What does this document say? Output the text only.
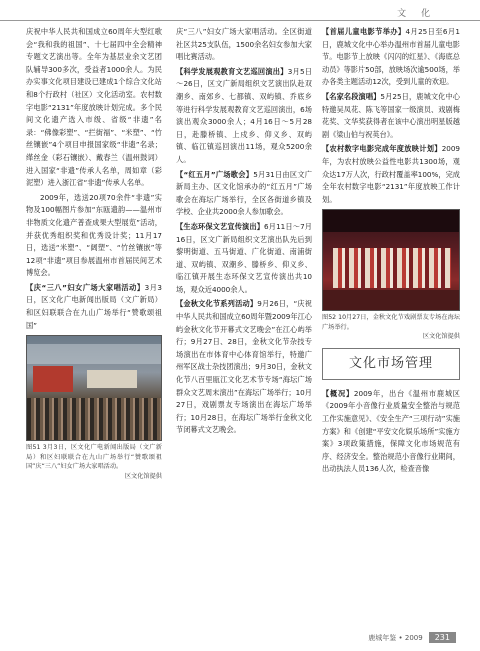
文 化

庆祝中华人民共和国成立60周年大型红歌会“我和我的祖国”、十七届四中全会精神专题文艺演出等。全年为基层业余文艺团队辅导300多次，受益者1000余人。为民办实事文化项目建设已建成1个综合文化站和8个行政村（社区）文化活动室。农村数字电影“2131”年度放映计划完成。多个民间文化遗产选入市级、省级“非遗”名录：“佛像彩塑”、“拦街福”、“米塑”、“竹丝镶嵌”4个项目申报国家级“非遗”名录；缂丝金（彩石镶嵌）、戴春兰（温州鼓词）进入国家“非遗”传承人名单，周如章（彩泥塑）进入浙江省“非遗”传承人名单。

2009年，选送20项70余件“非遗”实物及100幅图片参加“东瓯遗韵——温州市非物质文化遗产普查成果大型展览”活动，并获优秀组织奖和优秀设计奖；11月17日，选送“米塑”、“阔塑”、“竹丝镶嵌”等12项“非遗”项目参展温州市首届民间艺术博览会。

【庆“三八”妇女广场大家唱活动】3月3日，区文化广电新闻出版局（文广新局）和区妇联联合在九山广场举行“赞歌颂祖国”

图51 3月3日，区文化广电新闻出版局（文广新局）和区妇联联合在九山广场举行“赞歌颂祖国”庆“三八”妇女广场大家唱活动。
区文化馆提供

庆“三八”妇女广场大家唱活动。全区街道社区共25支队伍，1500余名妇女参加大家唱比赛活动。

【科学发展观教育文艺巡回演出】3月5日～26日，区文广新局组织文艺演出队赴双潮乡、南郊乡、七都镇、双屿镇、乔底乡等进行科学发展观教育文艺巡回演出，6场演出观众3000余人；4月16日～5月28日，赴滕桥镇、上戍乡、仰义乡、双屿镇、临江镇巡回演出11场，观众5200余人。

【“红五月”广场歌会】5月31日由区文广新局主办、区文化馆承办的“红五月”广场歌会在海坛广场举行，全区各街道乡镇及学校、企业共2000余人参加歌会。

【生态环保文艺宣传演出】6月11日～7月16日，区文广新局组织文艺演出队先后到黎明街道、五马街道、广化街道、南浦街道、双屿镇、双潮乡、滕桥乡、仰义乡、临江镇开展生态环保文艺宣传演出共10场，观众近4000余人。

【金秋文化节系列活动】9月26日，“庆祝中华人民共和国成立60周年暨2009年江心屿金秋文化节开幕式文艺晚会”在江心屿举行；9月27日、28日，金秋文化节杂技专场演出在市体育中心体育馆举行，特邀广州军区战士杂技团演出；9月30日，金秋文化节八百里瓯江文化艺术节专场“海坛广场群众文艺周末演出”在海坛广场举行；10月27日，戏剧票友专场演出在海坛广场举行；10月28日，在海坛广场举行金秋文化节闭幕式文艺晚会。

【首届儿童电影节举办】4月25日至6月1日，鹿城文化中心举办温州市首届儿童电影节。电影节上放映《闪闪的红星》、《海底总动员》等影片50部，放映场次逾500场，举办各类主题活动12次，受到儿童的欢迎。

【名家名段演唱】5月25日，鹿城文化中心特邀吴凤花、陈飞等国家一级演员、戏剧梅花奖、文华奖获得者在该中心演出明星版越剧《梁山伯与祝英台》。

【农村数字电影完成年度放映计划】2009年，为农村放映公益性电影共1300场，观众达17万人次，行政村覆盖率100%，完成全年农村数字电影“2131”年度放映工作计划。

图52 10月27日，金秋文化节戏剧票友专场在海坛广场举行。
区文化馆提供
文化市场管理

【概况】2009年，出台《温州市鹿城区《2009年小音像行业质量安全整治与规范工作实施意见》、《安全生产“三项行动”实施方案》和《创建“平安文化娱乐场所”实施方案》3项政策措施，保障文化市场规范有序、经济安全。整治规范小音像行业期间，出动执法人员136人次，检查音像

鹿城年鉴 • 2009	231
